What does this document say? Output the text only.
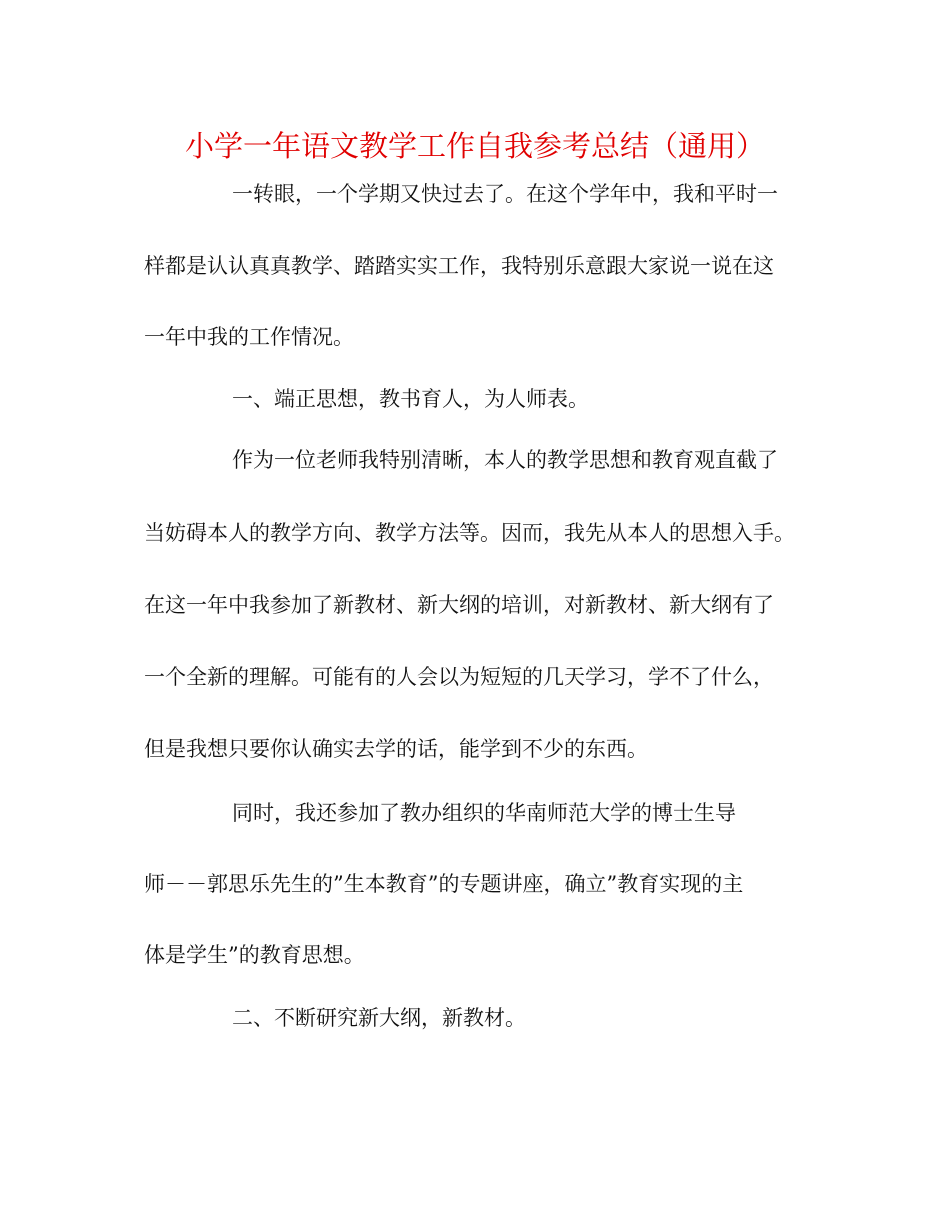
小学一年语文教学工作自我参考总结（通用）
一转眼，一个学期又快过去了。在这个学年中，我和平时一
样都是认认真真教学、踏踏实实工作，我特别乐意跟大家说一说在这
一年中我的工作情况。
一、端正思想，教书育人，为人师表。
作为一位老师我特别清晰，本人的教学思想和教育观直截了
当妨碍本人的教学方向、教学方法等。因而，我先从本人的思想入手。
在这一年中我参加了新教材、新大纲的培训，对新教材、新大纲有了
一个全新的理解。可能有的人会以为短短的几天学习，学不了什么，
但是我想只要你认确实去学的话，能学到不少的东西。
同时，我还参加了教办组织的华南师范大学的博士生导
师－－郭思乐先生的”生本教育”的专题讲座，确立”教育实现的主
体是学生”的教育思想。
二、不断研究新大纲，新教材。
